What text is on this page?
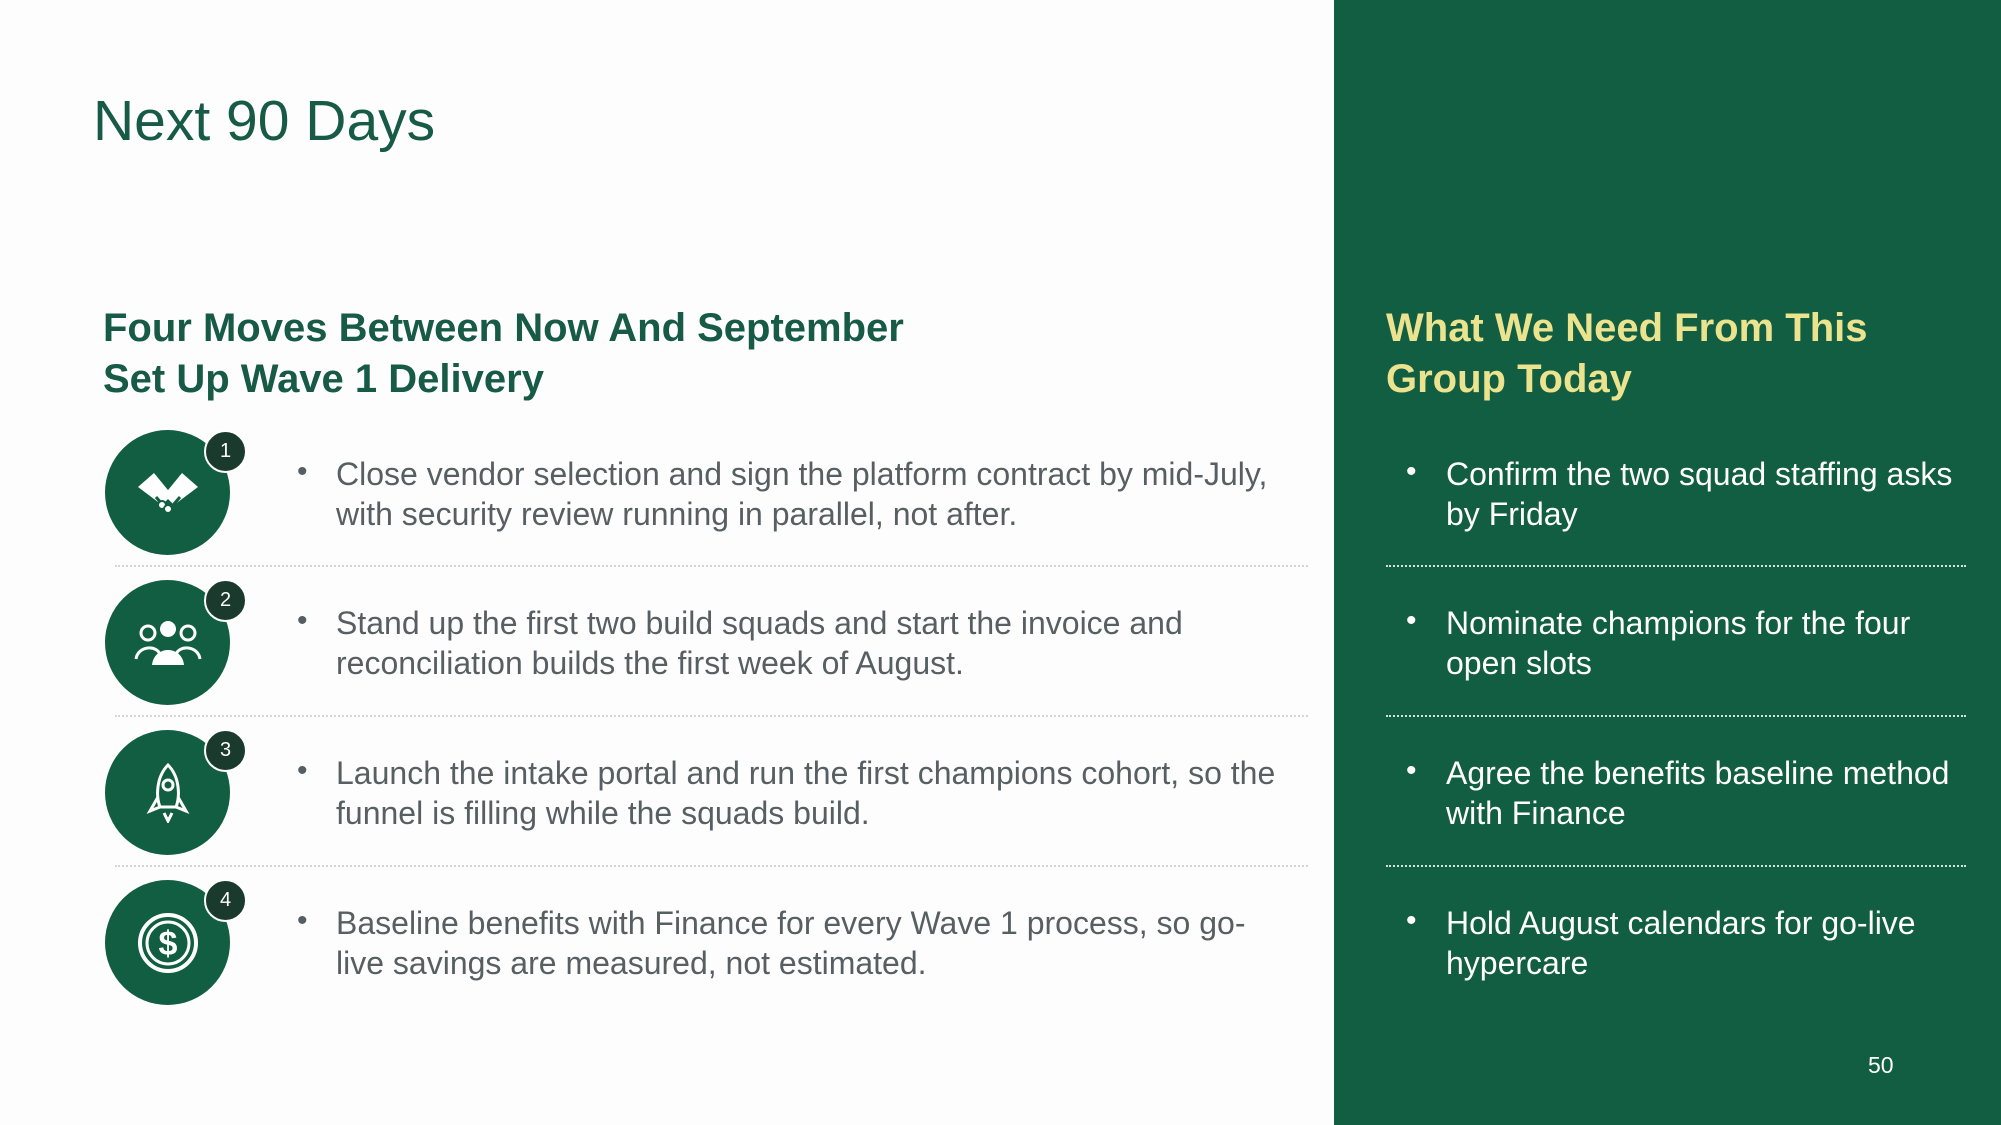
Next 90 Days
Four Moves Between Now And September
Set Up Wave 1 Delivery
1
• Close vendor selection and sign the platform contract by mid-July, with security review running in parallel, not after.
2
• Stand up the first two build squads and start the invoice and reconciliation builds the first week of August.
3
• Launch the intake portal and run the first champions cohort, so the funnel is filling while the squads build.
$
4
• Baseline benefits with Finance for every Wave 1 process, so go-live savings are measured, not estimated.
What We Need From This
Group Today
• Confirm the two squad staffing asks by Friday
• Nominate champions for the four open slots
• Agree the benefits baseline method with Finance
• Hold August calendars for go-live hypercare
50
